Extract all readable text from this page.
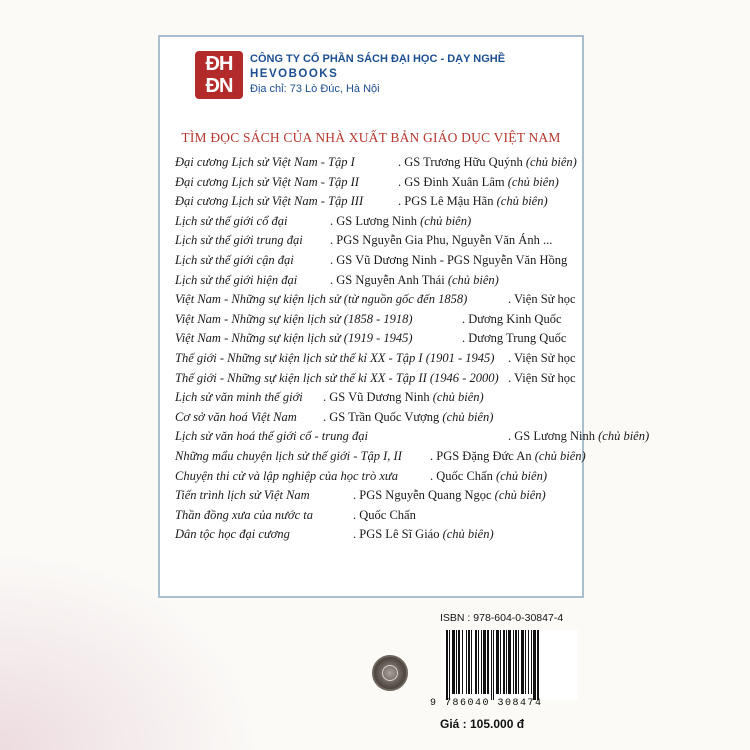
ĐH
ĐN
CÔNG TY CỔ PHẦN SÁCH ĐẠI HỌC - DẠY NGHỀ
HEVOBOOKS
Địa chỉ: 73 Lò Đúc, Hà Nội
TÌM ĐỌC SÁCH CỦA NHÀ XUẤT BẢN GIÁO DỤC VIỆT NAM
Đại cương Lịch sử Việt Nam - Tập I	. GS Trương Hữu Quýnh (chủ biên)
Đại cương Lịch sử Việt Nam - Tập II	. GS Đinh Xuân Lâm (chủ biên)
Đại cương Lịch sử Việt Nam - Tập III	. PGS Lê Mậu Hãn (chủ biên)
Lịch sử thế giới cổ đại	. GS Lương Ninh (chủ biên)
Lịch sử thế giới trung đại . PGS Nguyễn Gia Phu, Nguyễn Văn Ánh ...
Lịch sử thế giới cận đại	. GS Vũ Dương Ninh - PGS Nguyễn Văn Hồng
Lịch sử thế giới hiện đại	. GS Nguyễn Anh Thái (chủ biên)
Việt Nam - Những sự kiện lịch sử (từ nguồn gốc đến 1858)	. Viện Sử học
Việt Nam - Những sự kiện lịch sử (1858 - 1918)	. Dương Kinh Quốc
Việt Nam - Những sự kiện lịch sử (1919 - 1945)	. Dương Trung Quốc
Thế giới - Những sự kiện lịch sử thế kỉ XX - Tập I (1901 - 1945) . Viện Sử học
Thế giới - Những sự kiện lịch sử thế kỉ XX - Tập II (1946 - 2000) . Viện Sử học
Lịch sử văn minh thế giới . GS Vũ Dương Ninh (chủ biên)
Cơ sở văn hoá Việt Nam . GS Trần Quốc Vượng (chủ biên)
Lịch sử văn hoá thế giới cổ - trung đại	. GS Lương Ninh (chủ biên)
Những mẩu chuyện lịch sử thế giới - Tập I, II . PGS Đặng Đức An (chủ biên)
Chuyện thi cử và lập nghiệp của học trò xưa	. Quốc Chấn (chủ biên)
Tiến trình lịch sử Việt Nam	. PGS Nguyễn Quang Ngọc (chủ biên)
Thần đồng xưa của nước ta	. Quốc Chấn
Dân tộc học đại cương	. PGS Lê Sĩ Giáo (chủ biên)
ISBN : 978-604-0-30847-4
9 786040 308474
Giá : 105.000 đ
